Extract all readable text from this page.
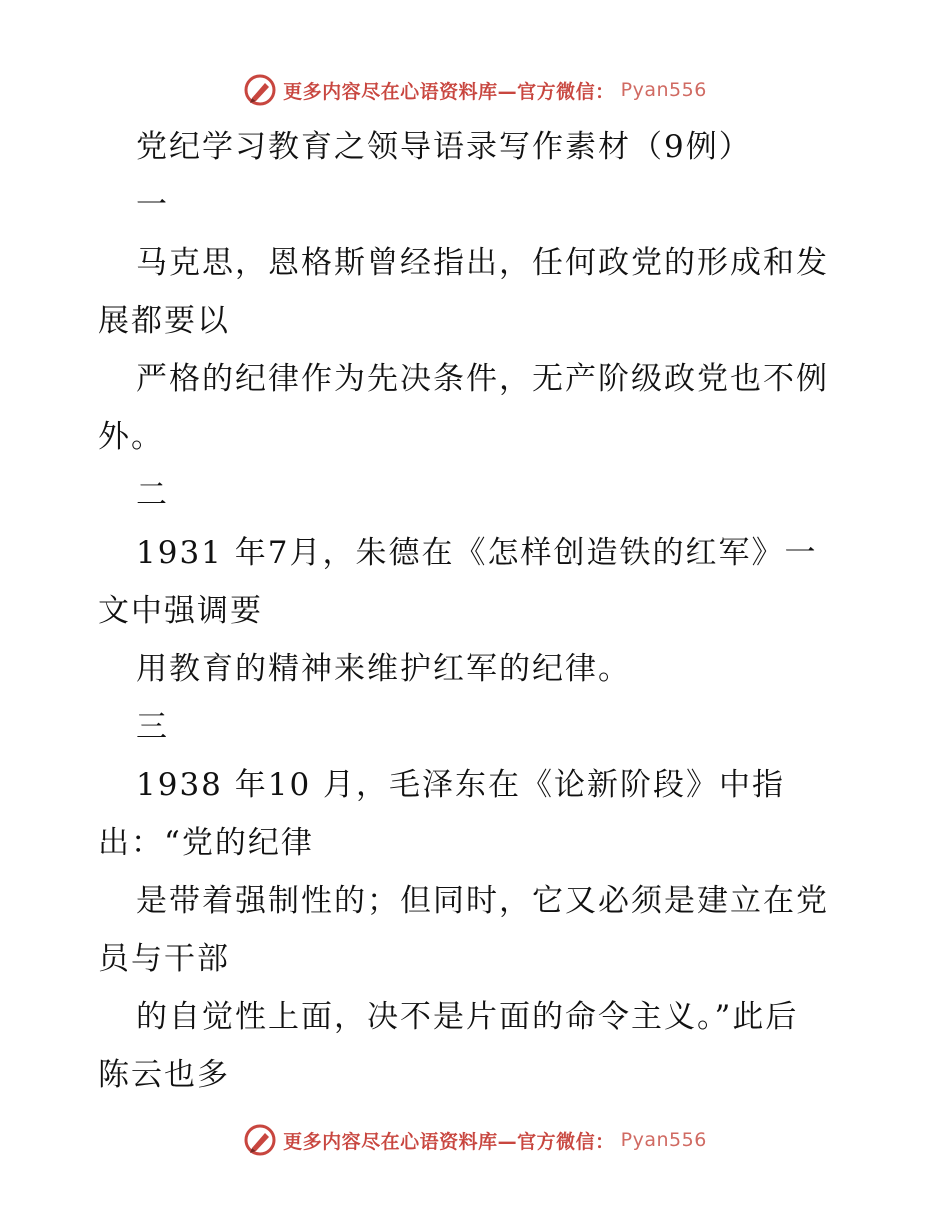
更多内容尽在心语资料库—官方微信： Pyan556
党纪学习教育之领导语录写作素材（9例）
一
马克思，恩格斯曾经指出，任何政党的形成和发
展都要以
严格的纪律作为先决条件，无产阶级政党也不例
外。
二
1931 年7月，朱德在《怎样创造铁的红军》一
文中强调要
用教育的精神来维护红军的纪律。
三
1938 年10 月，毛泽东在《论新阶段》中指
出：“党的纪律
是带着强制性的；但同时，它又必须是建立在党
员与干部
的自觉性上面，决不是片面的命令主义。”此后
陈云也多
更多内容尽在心语资料库—官方微信： Pyan556
